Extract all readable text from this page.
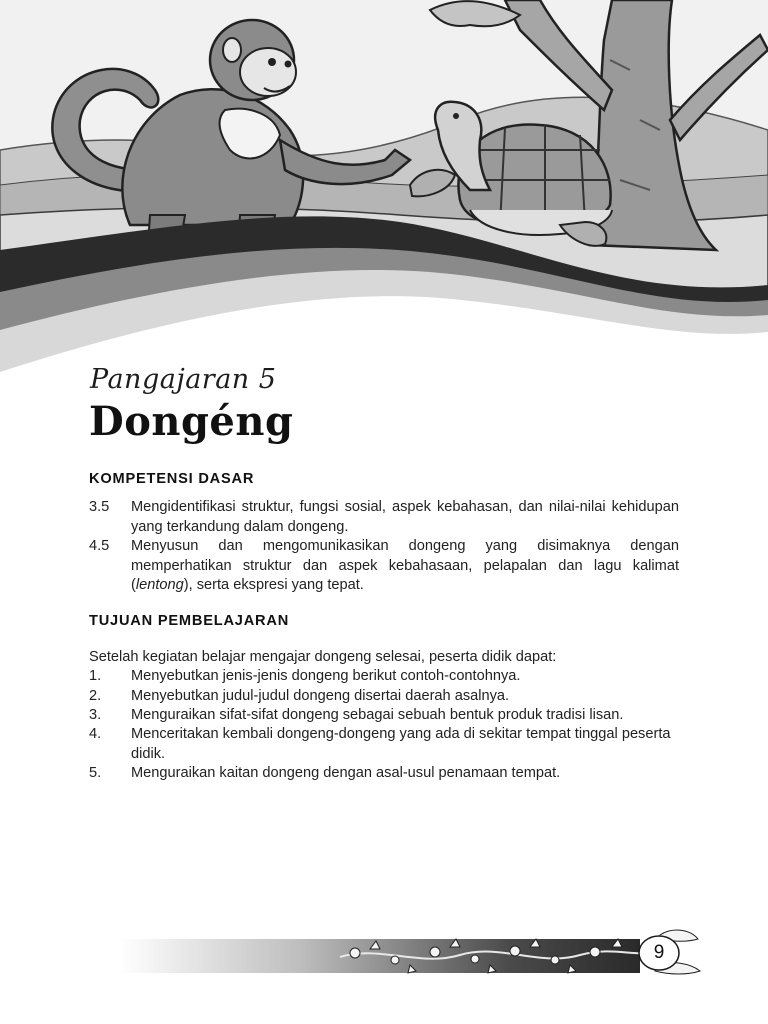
Pangajaran 5
Dongéng
KOMPETENSI DASAR
3.5	Mengidentifikasi struktur, fungsi sosial, aspek kebahasan, dan nilai-nilai kehidupan yang terkandung dalam dongeng.
4.5	Menyusun dan mengomunikasikan dongeng yang disimaknya dengan memperhatikan struktur dan aspek kebahasaan, pelapalan dan lagu kalimat (lentong), serta ekspresi yang tepat.
TUJUAN PEMBELAJARAN
Setelah kegiatan belajar mengajar dongeng selesai, peserta didik dapat:
1.	Menyebutkan jenis-jenis dongeng berikut contoh-contohnya.
2.	Menyebutkan judul-judul dongeng disertai daerah asalnya.
3.	Menguraikan sifat-sifat dongeng sebagai sebuah bentuk produk tradisi lisan.
4.	Menceritakan kembali dongeng-dongeng yang ada di sekitar tempat tinggal peserta didik.
5.	Menguraikan kaitan dongeng dengan asal-usul penamaan tempat.
9
